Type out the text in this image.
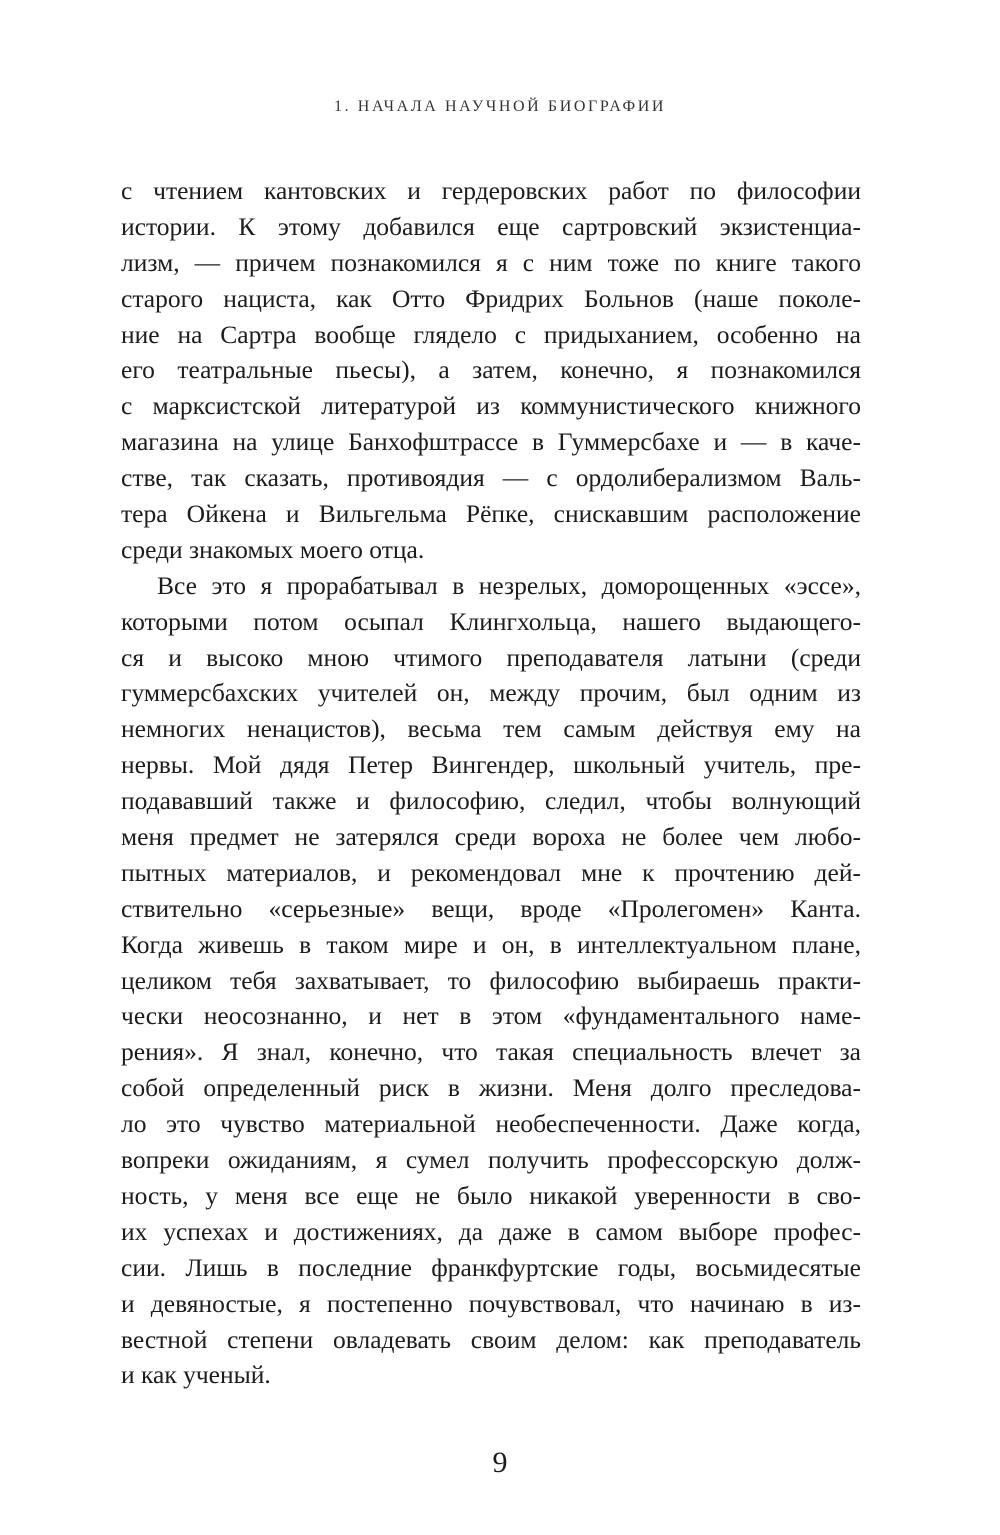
1. НАЧАЛА НАУЧНОЙ БИОГРАФИИ
с чтением кантовских и гердеровских работ по философии
истории. К этому добавился еще сартровский экзистенциа-
лизм, — причем познакомился я с ним тоже по книге такого
старого нациста, как Отто Фридрих Больнов (наше поколе-
ние на Сартра вообще глядело с придыханием, особенно на
его театральные пьесы), а затем, конечно, я познакомился
с марксистской литературой из коммунистического книжного
магазина на улице Банхофштрассе в Гуммерсбахе и — в каче-
стве, так сказать, противоядия — с ордолиберализмом Валь-
тера Ойкена и Вильгельма Рёпке, снискавшим расположение
среди знакомых моего отца.
Все это я прорабатывал в незрелых, доморощенных «эссе»,
которыми потом осыпал Клингхольца, нашего выдающего-
ся и высоко мною чтимого преподавателя латыни (среди
гуммерсбахских учителей он, между прочим, был одним из
немногих ненацистов), весьма тем самым действуя ему на
нервы. Мой дядя Петер Вингендер, школьный учитель, пре-
подававший также и философию, следил, чтобы волнующий
меня предмет не затерялся среди вороха не более чем любо-
пытных материалов, и рекомендовал мне к прочтению дей-
ствительно «серьезные» вещи, вроде «Пролегомен» Канта.
Когда живешь в таком мире и он, в интеллектуальном плане,
целиком тебя захватывает, то философию выбираешь практи-
чески неосознанно, и нет в этом «фундаментального наме-
рения». Я знал, конечно, что такая специальность влечет за
собой определенный риск в жизни. Меня долго преследова-
ло это чувство материальной необеспеченности. Даже когда,
вопреки ожиданиям, я сумел получить профессорскую долж-
ность, у меня все еще не было никакой уверенности в сво-
их успехах и достижениях, да даже в самом выборе профес-
сии. Лишь в последние франкфуртские годы, восьмидесятые
и девяностые, я постепенно почувствовал, что начинаю в из-
вестной степени овладевать своим делом: как преподаватель
и как ученый.
9
